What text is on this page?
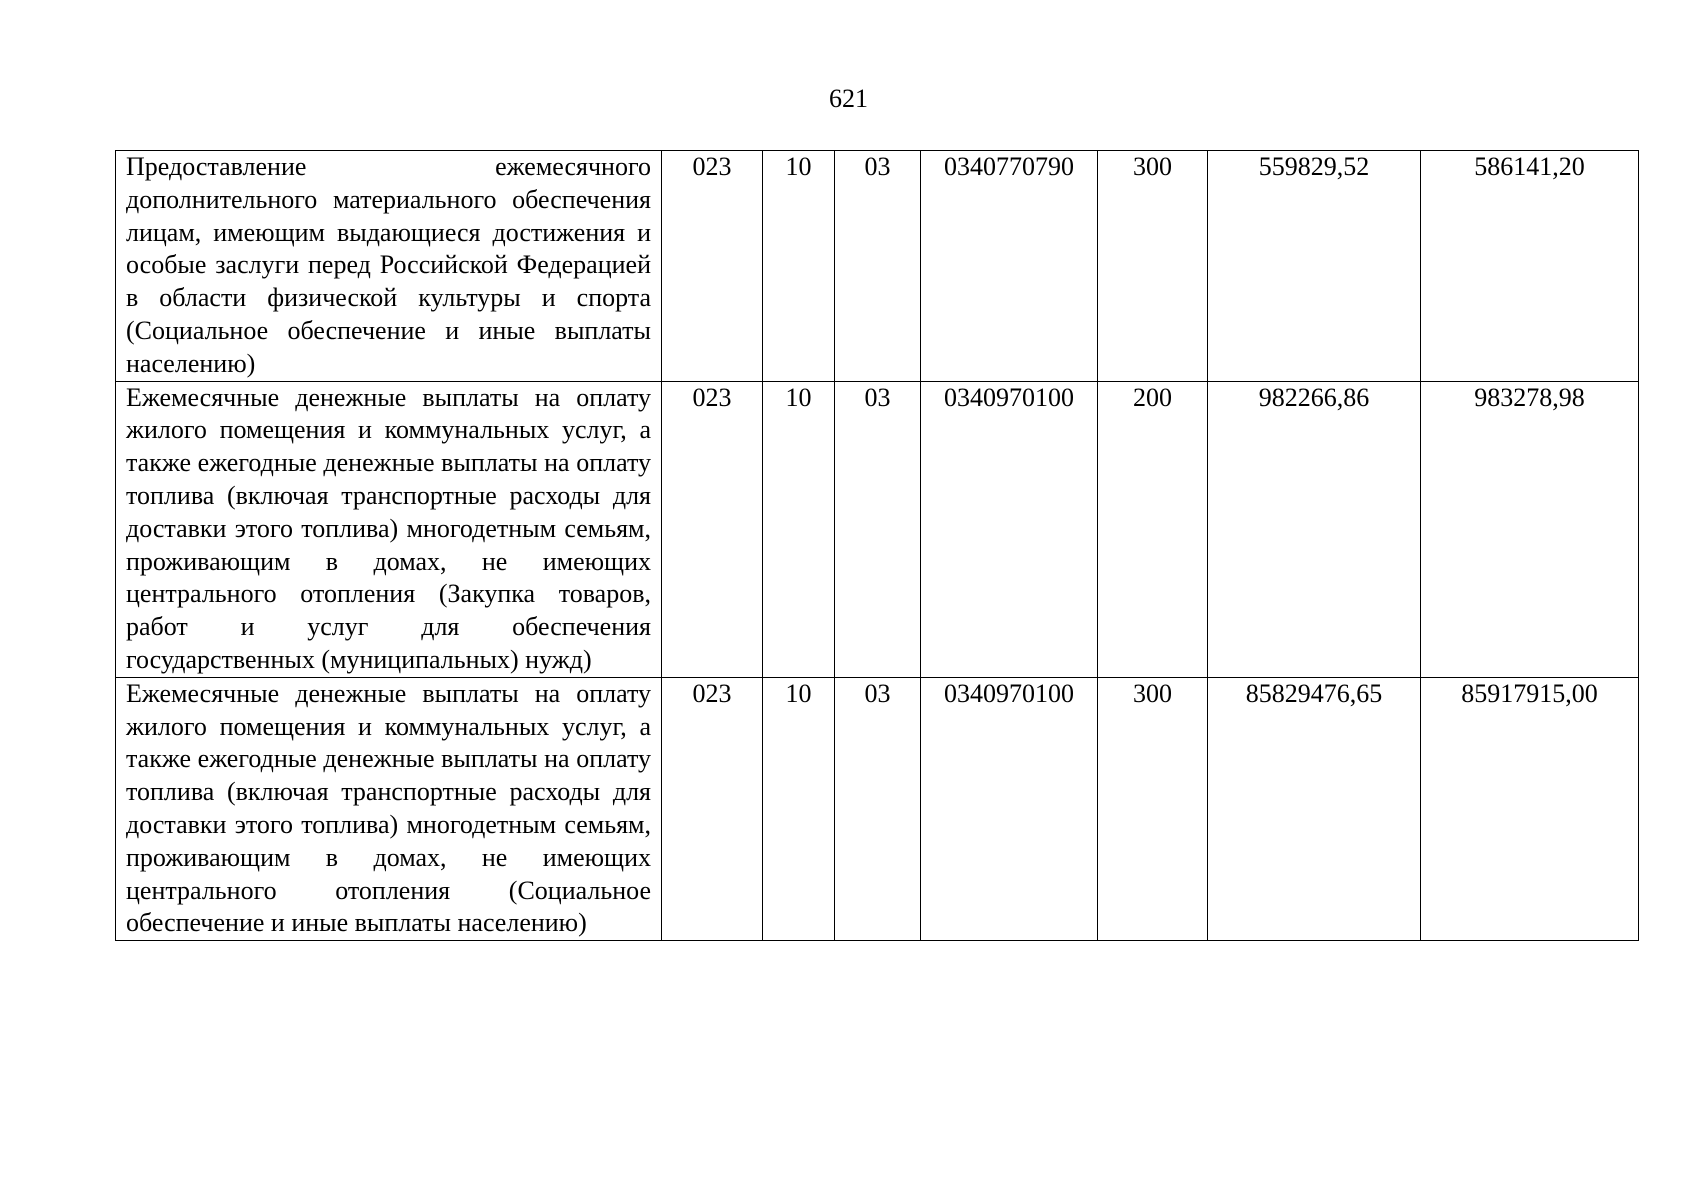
621
Предоставление ежемесячного дополнительного материального обеспечения лицам, имеющим выдающиеся достижения и особые заслуги перед Российской Федерацией в области физической культуры и спорта (Социальное обеспечение и иные выплаты населению)	023	10	03	0340770790	300	559829,52	586141,20
Ежемесячные денежные выплаты на оплату жилого помещения и коммунальных услуг, а также ежегодные денежные выплаты на оплату топлива (включая транспортные расходы для доставки этого топлива) многодетным семьям, проживающим в домах, не имеющих центрального отопления (Закупка товаров, работ и услуг для обеспечения государственных (муниципальных) нужд)	023	10	03	0340970100	200	982266,86	983278,98
Ежемесячные денежные выплаты на оплату жилого помещения и коммунальных услуг, а также ежегодные денежные выплаты на оплату топлива (включая транспортные расходы для доставки этого топлива) многодетным семьям, проживающим в домах, не имеющих центрального отопления (Социальное обеспечение и иные выплаты населению)	023	10	03	0340970100	300	85829476,65	85917915,00
